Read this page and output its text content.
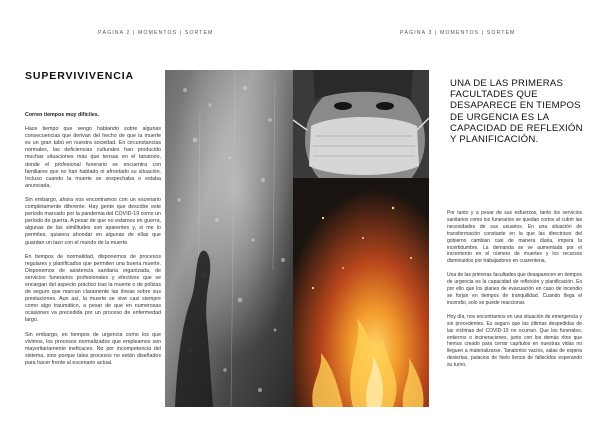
PÁGINA 2 | MOMENTOS | SORTEM
SUPERVIVIVENCIA

Corren tiempos muy difíciles.

Hace tiempo que vengo hablando sobre algunas consecuencias que derivan del hecho de que la muerte es un gran tabú en nuestra sociedad. En circunstancias normales, las deficiencias culturales han producido muchas situaciones más que tensas en el tanatorio, donde el profesional funerario se encuentra con familiares que no han hablado ni afrontado su situación. Incluso cuando la muerte se sospechaba o estaba anunciada.

Sin embargo, ahora nos encontramos con un escenario completamente diferente. Hay gente que describe este período marcado por la pandemia del COVID-19 como un período de guerra. A pesar de que no estamos en guerra, algunas de las similitudes son aparentes y, si me lo permites, quisiera ahondar en algunas de ellas que guardan un lazo con el mundo de la muerte.

En tiempos de normalidad, disponemos de procesos regulares y planificados que permiten una buena muerte. Disponemos de asistencia sanitaria organizada, de servicios funerarios profesionales y efectivos que se encargan del aspecto práctico tras la muerte o de pólizas de seguro que marcan claramente las líneas sobre sus prestaciones. Aun así, la muerte se vive casi siempre como algo traumático, a pesar de que en numerosas ocasiones va precedida por un proceso de enfermedad largo.

Sin embargo, en tiempos de urgencia como los que vivimos, los procesos normalizados que empleamos son mayoritariamente ineficaces. No por incompetencia del sistema, sino porque tales procesos no están diseñados para hacer frente al escenario actual.

PÁGINA 3 | MOMENTOS | SORTEM

UNA DE LAS PRIMERAS FACULTADES QUE DESAPARECE EN TIEMPOS DE URGENCIA ES LA CAPACIDAD DE REFLEXIÓN Y PLANIFICACIÓN.

Por tanto y a pesar de sus esfuerzos, tanto los servicios sanitarios como los funerarios se quedan cortos al cubrir las necesidades de sus usuarios. En una situación de transformación constante en la que las directrices del gobierno cambian casi de manera diaria, impera la incertidumbre. La demanda se ve aumentada por el incremento en el número de muertes y los recursos disminuidos por trabajadores en cuarentena.

Una de las primeras facultades que desaparecen en tiempos de urgencia es la capacidad de reflexión y planificación. Es por ello que los planes de evacuación en caso de incendio se forjan en tiempos de tranquilidad. Cuando llega el incendio, solo se puede reaccionar.

Hoy día, nos encontramos en una situación de emergencia y sin precedentes. Es seguro que las últimas despedidas de las víctimas del COVID-19 no ocurran. Que los funerales, entierros o incineraciones, junto con los demás ritos que hemos creado para cerrar capítulos en nuestras vidas no lleguen a materializarse. Tanatorios vacíos, salas de espera desiertas, palacios de hielo llenos de fallecidos esperando su turno.
